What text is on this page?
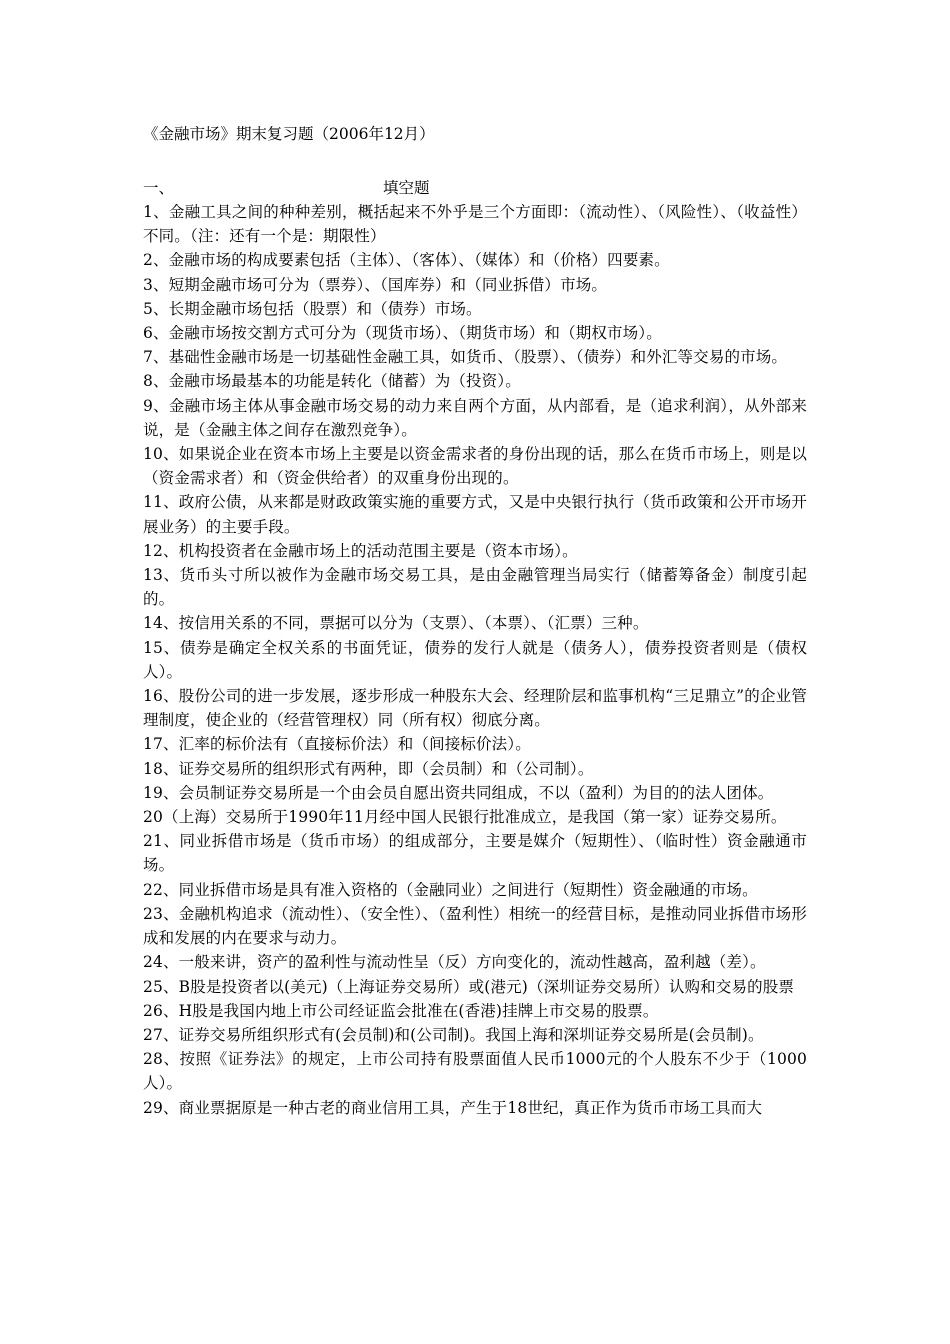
《金融市场》期末复习题（2006年12月）
一、	填空题

1、金融工具之间的种种差别，概括起来不外乎是三个方面即：（流动性）、（风险性）、（收益性）不同。（注：还有一个是：期限性）

2、金融市场的构成要素包括（主体）、（客体）、（媒体）和（价格）四要素。

3、短期金融市场可分为（票券）、（国库券）和（同业拆借）市场。

5、长期金融市场包括（股票）和（债券）市场。

6、金融市场按交割方式可分为（现货市场）、（期货市场）和（期权市场）。

7、基础性金融市场是一切基础性金融工具，如货币、（股票）、（债券）和外汇等交易的市场。

8、金融市场最基本的功能是转化（储蓄）为（投资）。

9、金融市场主体从事金融市场交易的动力来自两个方面，从内部看，是（追求利润），从外部来说，是（金融主体之间存在激烈竞争）。

10、如果说企业在资本市场上主要是以资金需求者的身份出现的话，那么在货币市场上，则是以（资金需求者）和（资金供给者）的双重身份出现的。

11、政府公债，从来都是财政政策实施的重要方式，又是中央银行执行（货币政策和公开市场开展业务）的主要手段。

12、机构投资者在金融市场上的活动范围主要是（资本市场）。

13、货币头寸所以被作为金融市场交易工具，是由金融管理当局实行（储蓄筹备金）制度引起的。

14、按信用关系的不同，票据可以分为（支票）、（本票）、（汇票）三种。

15、债券是确定全权关系的书面凭证，债券的发行人就是（债务人），债券投资者则是（债权人）。

16、股份公司的进一步发展，逐步形成一种股东大会、经理阶层和监事机构“三足鼎立”的企业管理制度，使企业的（经营管理权）同（所有权）彻底分离。

17、汇率的标价法有（直接标价法）和（间接标价法）。

18、证券交易所的组织形式有两种，即（会员制）和（公司制）。

19、会员制证券交易所是一个由会员自愿出资共同组成，不以（盈利）为目的的法人团体。

20（上海）交易所于1990年11月经中国人民银行批准成立，是我国（第一家）证券交易所。

21、同业拆借市场是（货币市场）的组成部分，主要是媒介（短期性）、（临时性）资金融通市场。

22、同业拆借市场是具有准入资格的（金融同业）之间进行（短期性）资金融通的市场。

23、金融机构追求（流动性）、（安全性）、（盈利性）相统一的经营目标，是推动同业拆借市场形成和发展的内在要求与动力。

24、一般来讲，资产的盈利性与流动性呈（反）方向变化的，流动性越高，盈利越（差）。

25、B股是投资者以(美元)（上海证券交易所）或(港元)（深圳证券交易所）认购和交易的股票

26、H股是我国内地上市公司经证监会批准在(香港)挂牌上市交易的股票。

27、证券交易所组织形式有(会员制)和(公司制)。我国上海和深圳证券交易所是(会员制)。

28、按照《证券法》的规定，上市公司持有股票面值人民币1000元的个人股东不少于（1000人）。

29、商业票据原是一种古老的商业信用工具，产生于18世纪，真正作为货币市场工具而大
